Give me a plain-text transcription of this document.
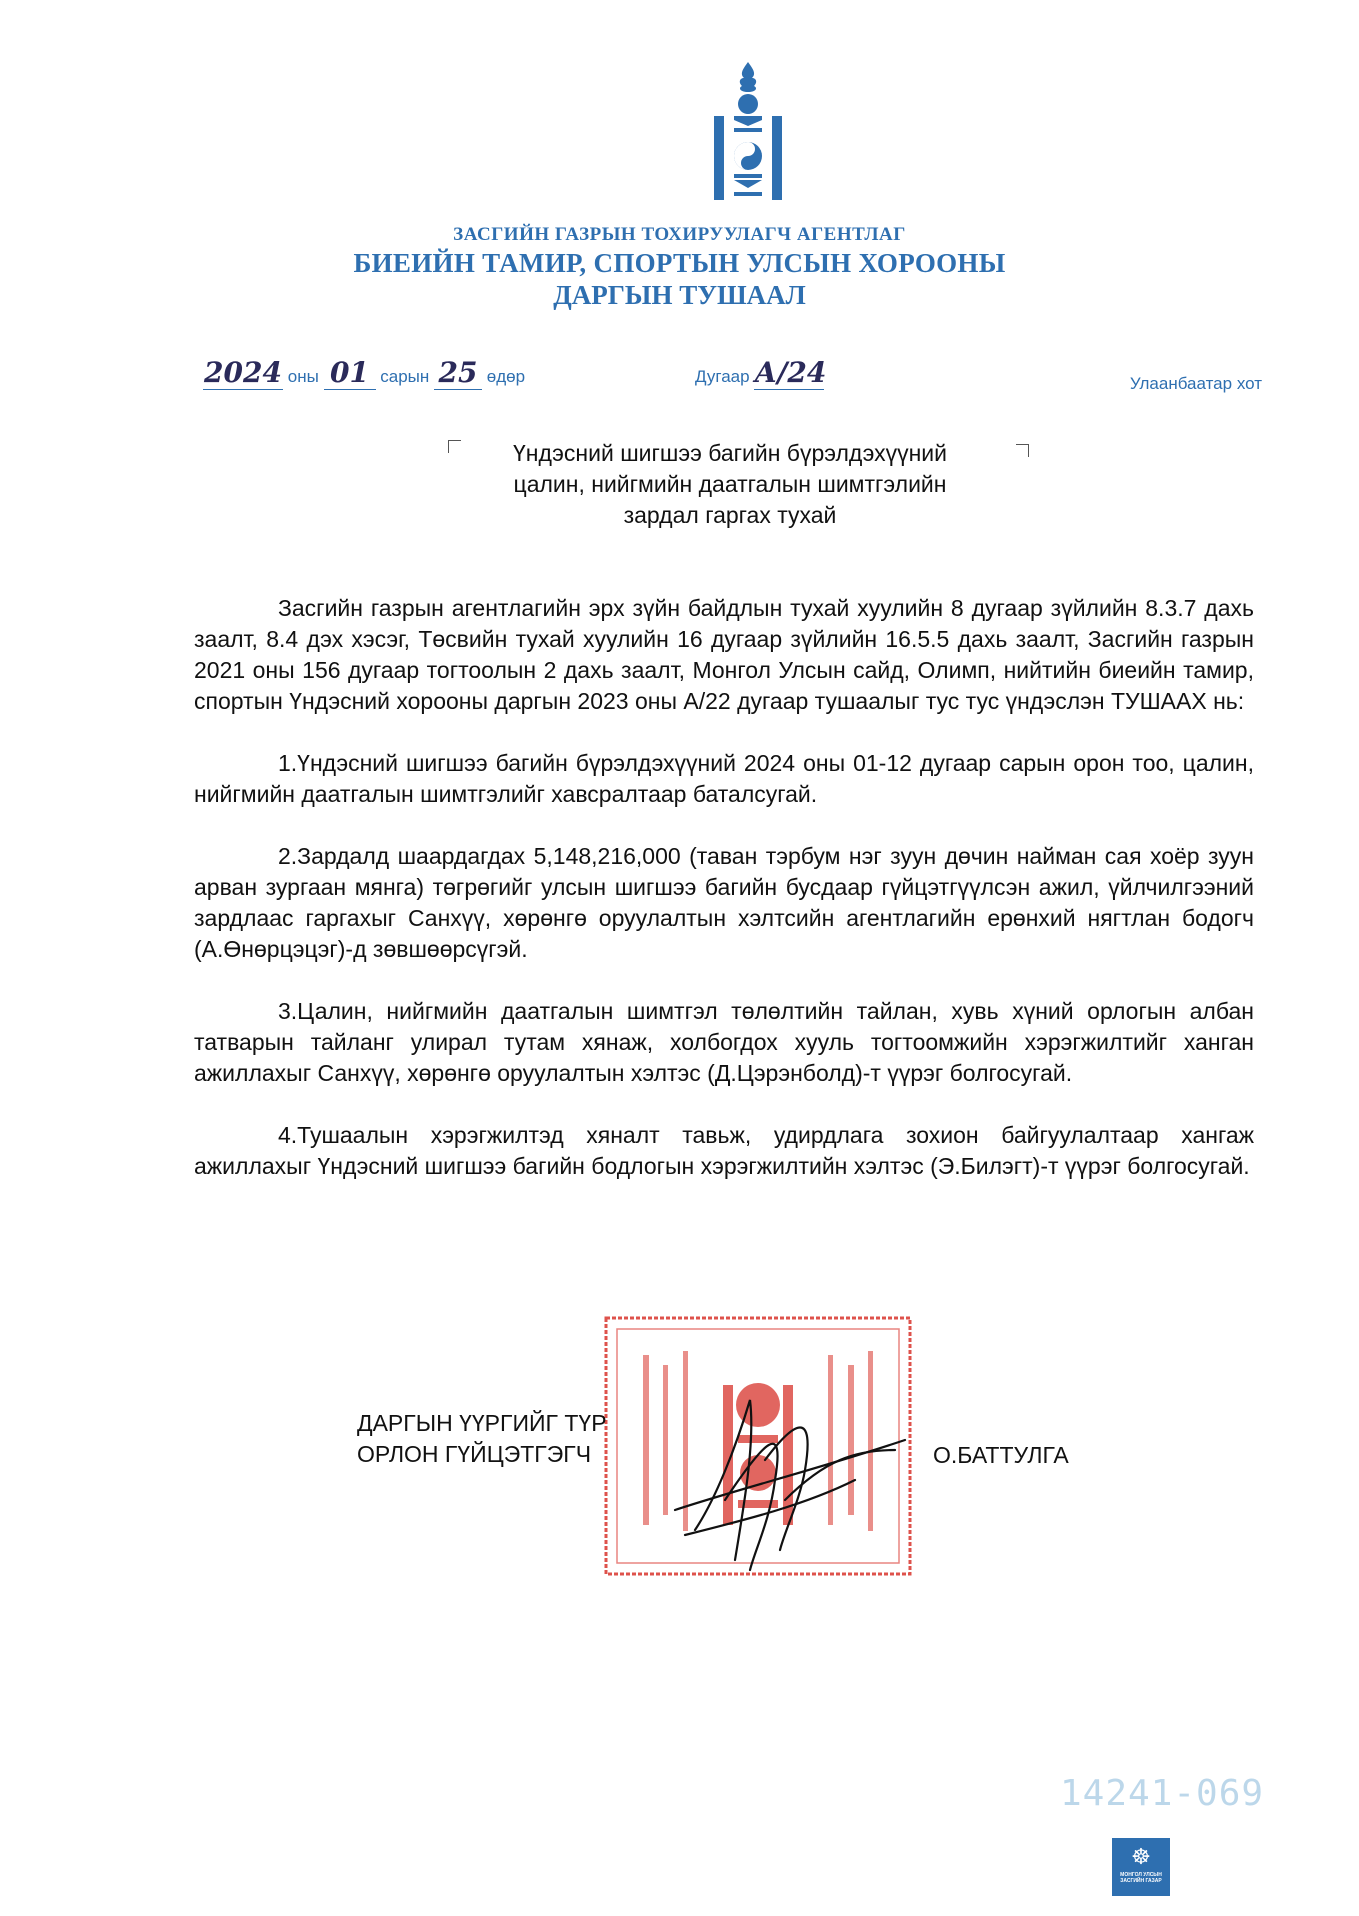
ЗАСГИЙН ГАЗРЫН ТОХИРУУЛАГЧ АГЕНТЛАГ
БИЕИЙН ТАМИР, СПОРТЫН УЛСЫН ХОРООНЫ
ДАРГЫН ТУШААЛ
2024 оны 01 сарын 25 өдөр	Дугаар А/24	Улаанбаатар хот
Үндэсний шигшээ багийн бүрэлдэхүүний
цалин, нийгмийн даатгалын шимтгэлийн
зардал гаргах тухай

Засгийн газрын агентлагийн эрх зүйн байдлын тухай хуулийн 8 дугаар зүйлийн 8.3.7 дахь заалт, 8.4 дэх хэсэг, Төсвийн тухай хуулийн 16 дугаар зүйлийн 16.5.5 дахь заалт, Засгийн газрын 2021 оны 156 дугаар тогтоолын 2 дахь заалт, Монгол Улсын сайд, Олимп, нийтийн биеийн тамир, спортын Үндэсний хорооны даргын 2023 оны А/22 дугаар тушаалыг тус тус үндэслэн ТУШААХ нь:

1.Үндэсний шигшээ багийн бүрэлдэхүүний 2024 оны 01-12 дугаар сарын орон тоо, цалин, нийгмийн даатгалын шимтгэлийг хавсралтаар баталсугай.

2.Зардалд шаардагдах 5,148,216,000 (таван тэрбум нэг зуун дөчин найман сая хоёр зуун арван зургаан мянга) төгрөгийг улсын шигшээ багийн бусдаар гүйцэтгүүлсэн ажил, үйлчилгээний зардлаас гаргахыг Санхүү, хөрөнгө оруулалтын хэлтсийн агентлагийн ерөнхий нягтлан бодогч (А.Өнөрцэцэг)-д зөвшөөрсүгэй.

3.Цалин, нийгмийн даатгалын шимтгэл төлөлтийн тайлан, хувь хүний орлогын албан татварын тайланг улирал тутам хянаж, холбогдох хууль тогтоомжийн хэрэгжилтийг ханган ажиллахыг Санхүү, хөрөнгө оруулалтын хэлтэс (Д.Цэрэнболд)-т үүрэг болгосугай.

4.Тушаалын хэрэгжилтэд хяналт тавьж, удирдлага зохион байгуулалтаар хангаж ажиллахыг Үндэсний шигшээ багийн бодлогын хэрэгжилтийн хэлтэс (Э.Билэгт)-т үүрэг болгосугай.

ДАРГЫН ҮҮРГИЙГ ТҮР
ОРЛОН ГҮЙЦЭТГЭГЧ	О.БАТТУЛГА
14241-069
☸
МОНГОЛ УЛСЫН
ЗАСГИЙН ГАЗАР
